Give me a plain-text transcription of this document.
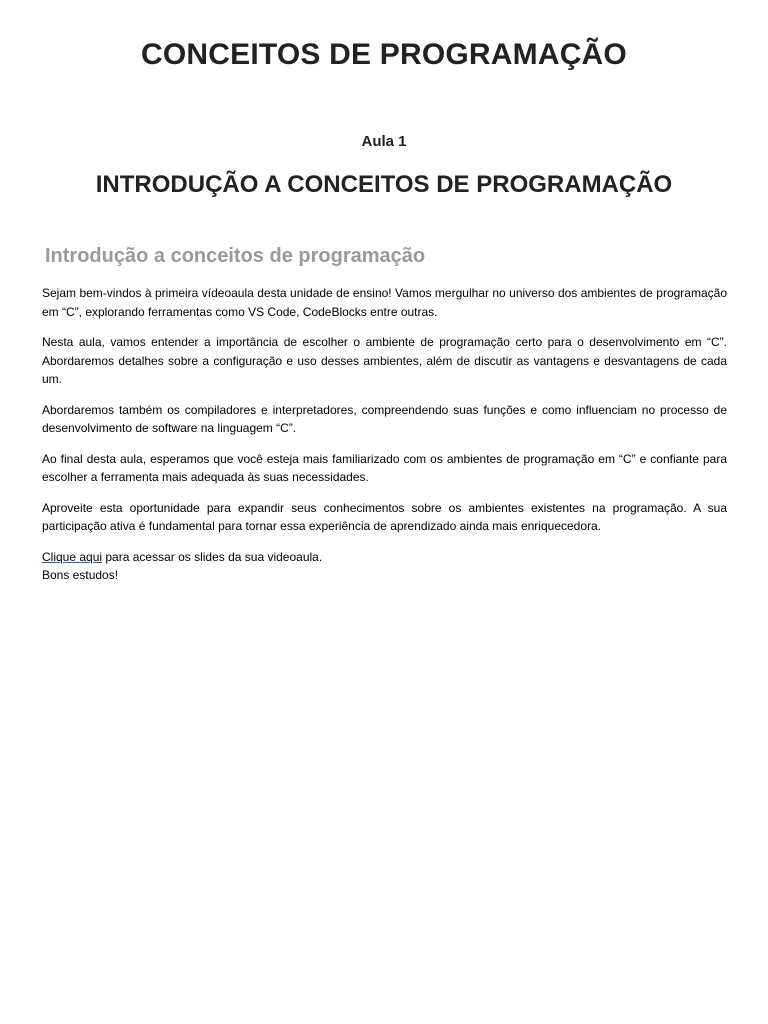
CONCEITOS DE PROGRAMAÇÃO
Aula 1
INTRODUÇÃO A CONCEITOS DE PROGRAMAÇÃO
Introdução a conceitos de programação

Sejam bem-vindos à primeira vídeoaula desta unidade de ensino! Vamos mergulhar no universo dos ambientes de programação em “C”, explorando ferramentas como VS Code, CodeBlocks entre outras.

Nesta aula, vamos entender a importância de escolher o ambiente de programação certo para o desenvolvimento em “C”. Abordaremos detalhes sobre a configuração e uso desses ambientes, além de discutir as vantagens e desvantagens de cada um.

Abordaremos também os compiladores e interpretadores, compreendendo suas funções e como influenciam no processo de desenvolvimento de software na linguagem “C”.

Ao final desta aula, esperamos que você esteja mais familiarizado com os ambientes de programação em “C” e confiante para escolher a ferramenta mais adequada às suas necessidades.

Aproveite esta oportunidade para expandir seus conhecimentos sobre os ambientes existentes na programação. A sua participação ativa é fundamental para tornar essa experiência de aprendizado ainda mais enriquecedora.

Clique aqui para acessar os slides da sua videoaula.
Bons estudos!
